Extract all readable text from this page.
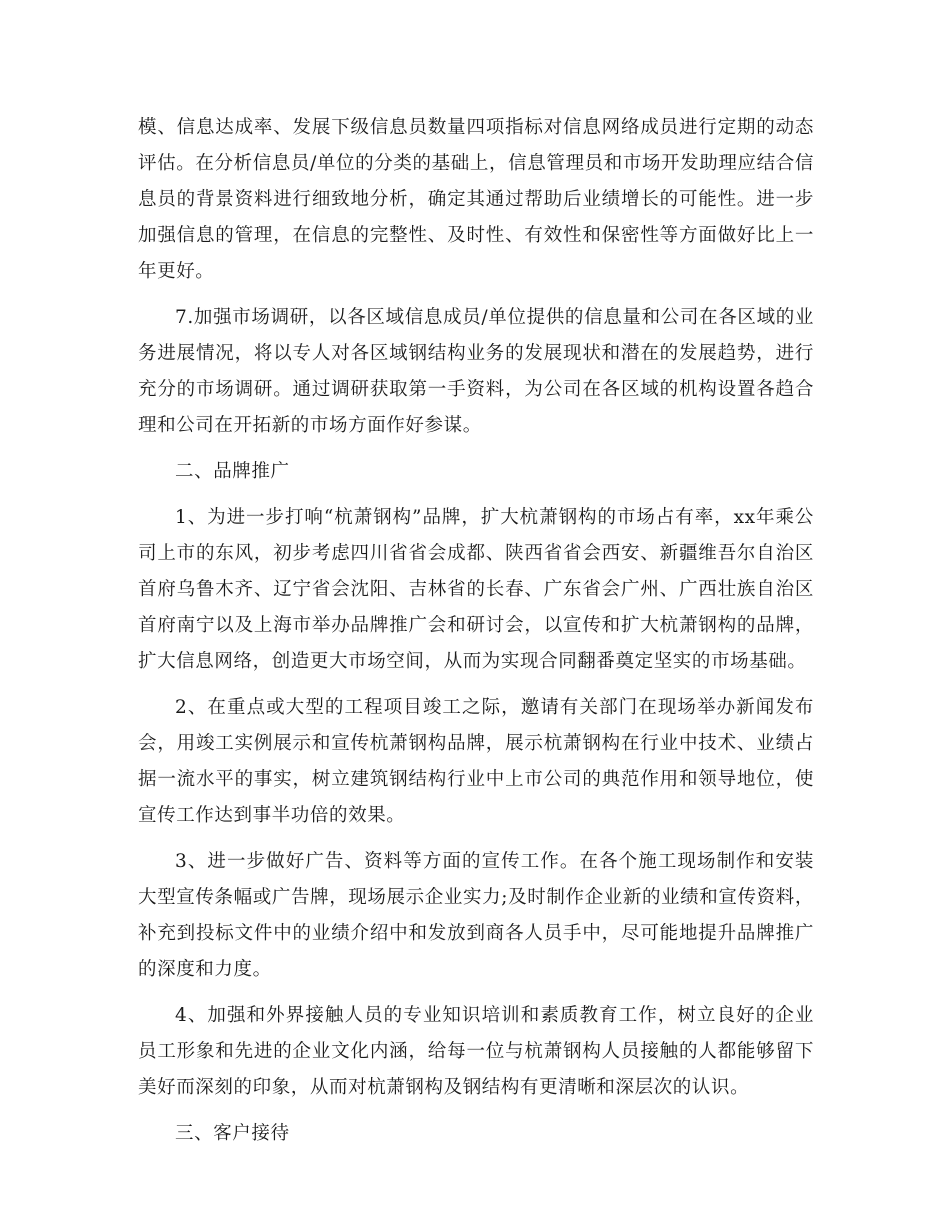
模、信息达成率、发展下级信息员数量四项指标对信息网络成员进行定期的动态评估。在分析信息员/单位的分类的基础上，信息管理员和市场开发助理应结合信息员的背景资料进行细致地分析，确定其通过帮助后业绩增长的可能性。进一步加强信息的管理，在信息的完整性、及时性、有效性和保密性等方面做好比上一年更好。

7.加强市场调研，以各区域信息成员/单位提供的信息量和公司在各区域的业务进展情况，将以专人对各区域钢结构业务的发展现状和潜在的发展趋势，进行充分的市场调研。通过调研获取第一手资料，为公司在各区域的机构设置各趋合理和公司在开拓新的市场方面作好参谋。

二、品牌推广

1、为进一步打响“杭萧钢构”品牌，扩大杭萧钢构的市场占有率，xx年乘公司上市的东风，初步考虑四川省省会成都、陕西省省会西安、新疆维吾尔自治区首府乌鲁木齐、辽宁省会沈阳、吉林省的长春、广东省会广州、广西壮族自治区首府南宁以及上海市举办品牌推广会和研讨会，以宣传和扩大杭萧钢构的品牌，扩大信息网络，创造更大市场空间，从而为实现合同翻番奠定坚实的市场基础。

2、在重点或大型的工程项目竣工之际，邀请有关部门在现场举办新闻发布会，用竣工实例展示和宣传杭萧钢构品牌，展示杭萧钢构在行业中技术、业绩占据一流水平的事实，树立建筑钢结构行业中上市公司的典范作用和领导地位，使宣传工作达到事半功倍的效果。

3、进一步做好广告、资料等方面的宣传工作。在各个施工现场制作和安装大型宣传条幅或广告牌，现场展示企业实力;及时制作企业新的业绩和宣传资料，补充到投标文件中的业绩介绍中和发放到商各人员手中，尽可能地提升品牌推广的深度和力度。

4、加强和外界接触人员的专业知识培训和素质教育工作，树立良好的企业员工形象和先进的企业文化内涵，给每一位与杭萧钢构人员接触的人都能够留下美好而深刻的印象，从而对杭萧钢构及钢结构有更清晰和深层次的认识。

三、客户接待
